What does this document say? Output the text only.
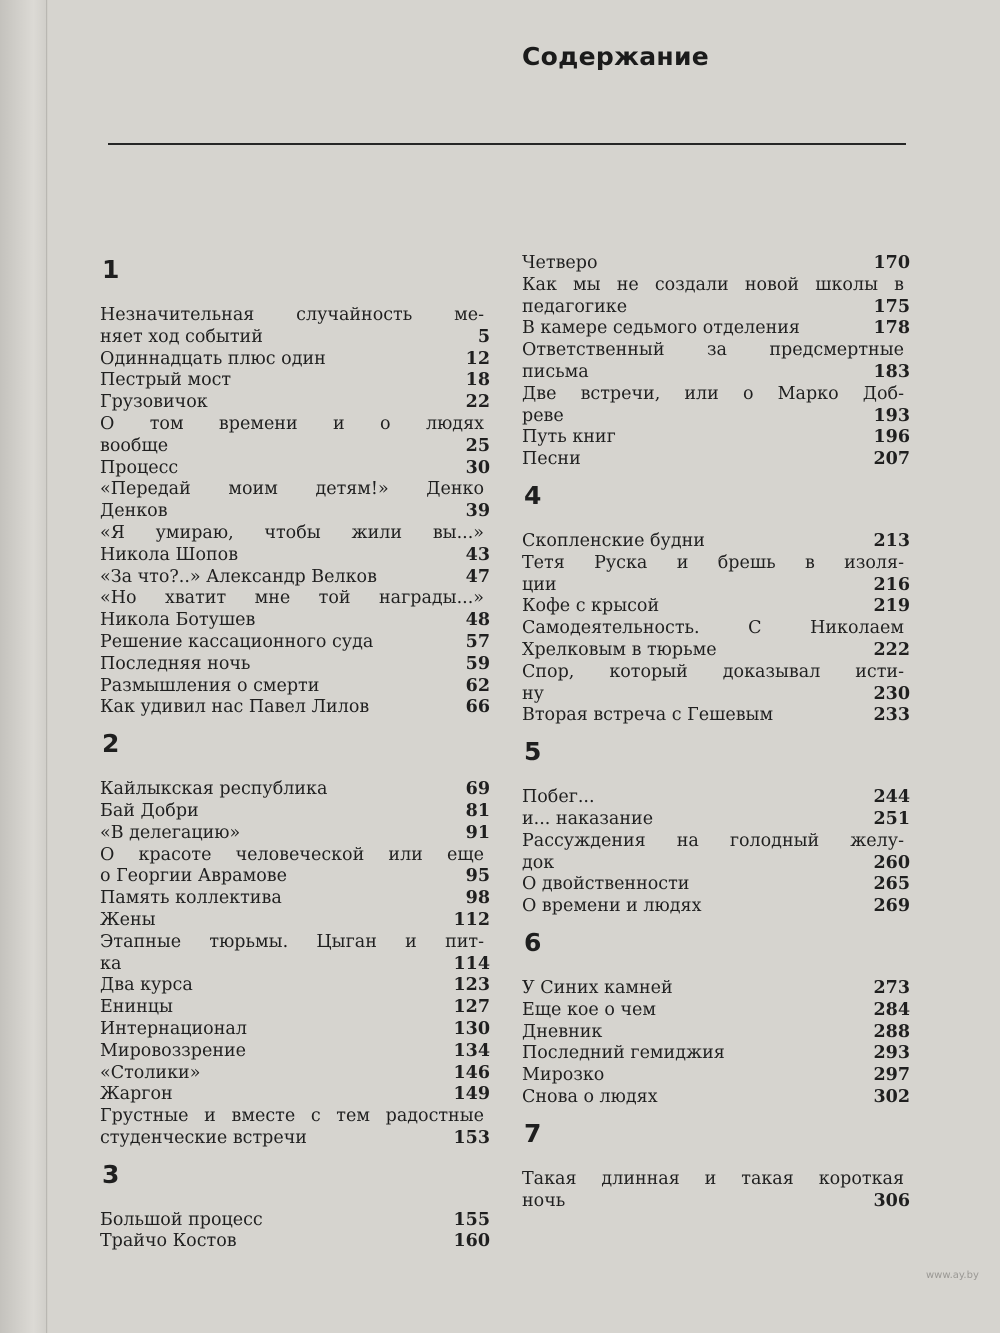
Содержание
1
Незначительная случайность ме-
няет ход событий	5
Одиннадцать плюс один	12
Пестрый мост	18
Грузовичок	22
О том времени и о людях
вообще	25
Процесс	30
«Передай моим детям!» Денко
Денков	39
«Я умираю, чтобы жили вы...»
Никола Шопов	43
«За что?..» Александр Велков	47
«Но хватит мне той награды...»
Никола Ботушев	48
Решение кассационного суда	57
Последняя ночь	59
Размышления о смерти	62
Как удивил нас Павел Лилов	66
2
Кайлыкская республика	69
Бай Добри	81
«В делегацию»	91
О красоте человеческой или еще
о Георгии Аврамове	95
Память коллектива	98
Жены	112
Этапные тюрьмы. Цыган и пит-
ка	114
Два курса	123
Енинцы	127
Интернационал	130
Мировоззрение	134
«Столики»	146
Жаргон	149
Грустные и вместе с тем радостные
студенческие встречи	153
3
Большой процесс	155
Трайчо Костов	160
Четверо	170
Как мы не создали новой школы в
педагогике	175
В камере седьмого отделения	178
Ответственный за предсмертные
письма	183
Две встречи, или о Марко Доб-
реве	193
Путь книг	196
Песни	207
4
Скопленские будни	213
Тетя Руска и брешь в изоля-
ции	216
Кофе с крысой	219
Самодеятельность. С Николаем
Хрелковым в тюрьме	222
Спор, который доказывал исти-
ну	230
Вторая встреча с Гешевым	233
5
Побег...	244
и... наказание	251
Рассуждения на голодный желу-
док	260
О двойственности	265
О времени и людях	269
6
У Синих камней	273
Еще кое о чем	284
Дневник	288
Последний гемиджия	293
Мирозко	297
Снова о людях	302
7
Такая длинная и такая короткая
ночь	306
www.ay.by
